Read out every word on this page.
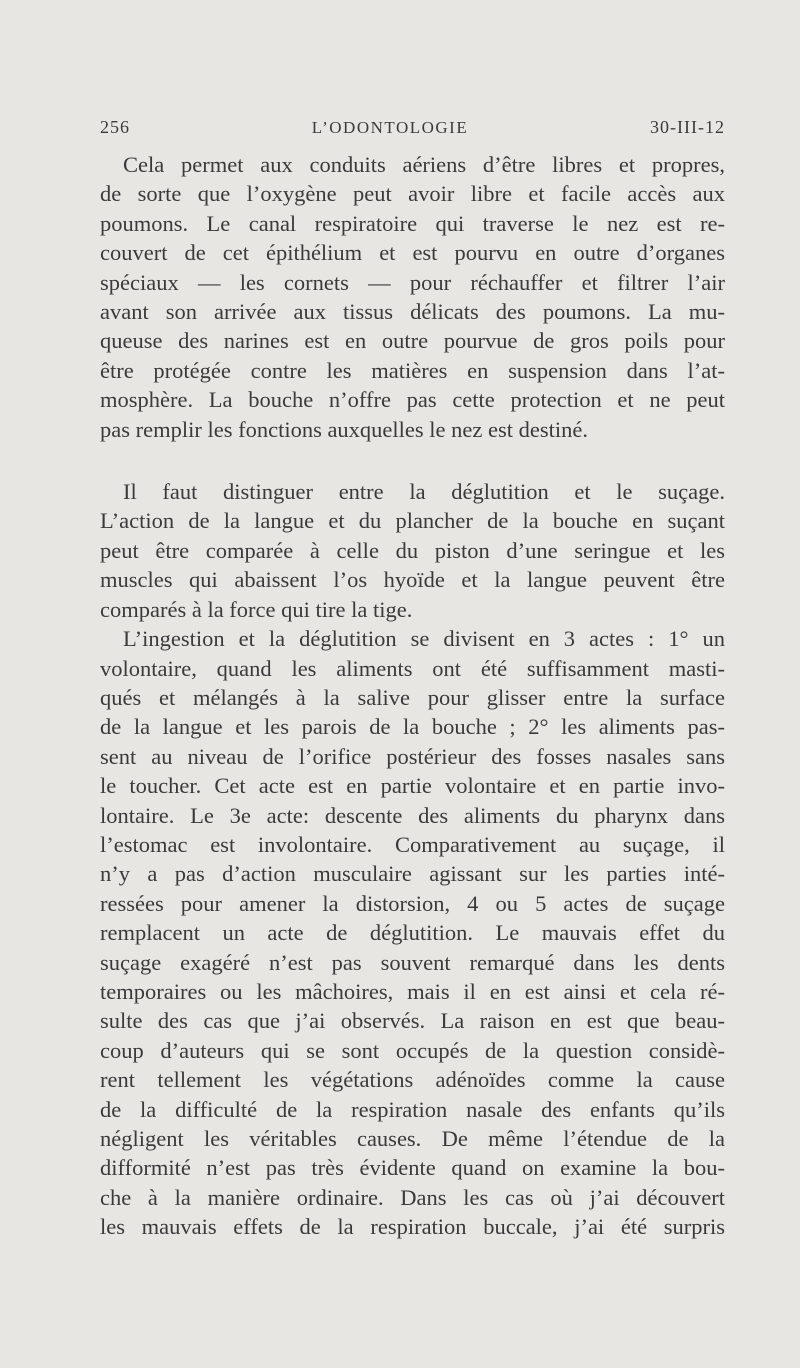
256	L’ODONTOLOGIE	30-III-12
Cela permet aux conduits aériens d’être libres et propres,
de sorte que l’oxygène peut avoir libre et facile accès aux
poumons. Le canal respiratoire qui traverse le nez est re-
couvert de cet épithélium et est pourvu en outre d’organes
spéciaux — les cornets — pour réchauffer et filtrer l’air
avant son arrivée aux tissus délicats des poumons. La mu-
queuse des narines est en outre pourvue de gros poils pour
être protégée contre les matières en suspension dans l’at-
mosphère. La bouche n’offre pas cette protection et ne peut
pas remplir les fonctions auxquelles le nez est destiné.
Il faut distinguer entre la déglutition et le suçage.
L’action de la langue et du plancher de la bouche en suçant
peut être comparée à celle du piston d’une seringue et les
muscles qui abaissent l’os hyoïde et la langue peuvent être
comparés à la force qui tire la tige.
L’ingestion et la déglutition se divisent en 3 actes : 1° un
volontaire, quand les aliments ont été suffisamment masti-
qués et mélangés à la salive pour glisser entre la surface
de la langue et les parois de la bouche ; 2° les aliments pas-
sent au niveau de l’orifice postérieur des fosses nasales sans
le toucher. Cet acte est en partie volontaire et en partie invo-
lontaire. Le 3e acte: descente des aliments du pharynx dans
l’estomac est involontaire. Comparativement au suçage, il
n’y a pas d’action musculaire agissant sur les parties inté-
ressées pour amener la distorsion, 4 ou 5 actes de suçage
remplacent un acte de déglutition. Le mauvais effet du
suçage exagéré n’est pas souvent remarqué dans les dents
temporaires ou les mâchoires, mais il en est ainsi et cela ré-
sulte des cas que j’ai observés. La raison en est que beau-
coup d’auteurs qui se sont occupés de la question considè-
rent tellement les végétations adénoïdes comme la cause
de la difficulté de la respiration nasale des enfants qu’ils
négligent les véritables causes. De même l’étendue de la
difformité n’est pas très évidente quand on examine la bou-
che à la manière ordinaire. Dans les cas où j’ai découvert
les mauvais effets de la respiration buccale, j’ai été surpris
